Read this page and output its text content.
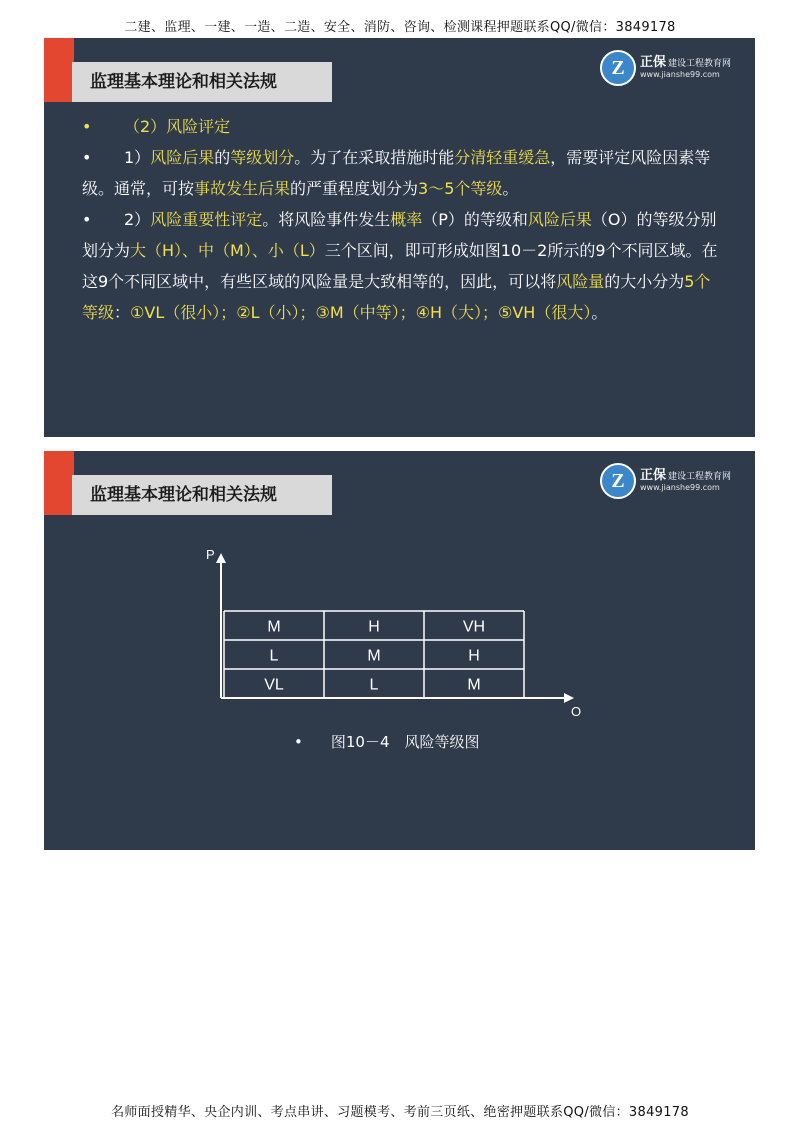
二建、监理、一建、一造、二造、安全、消防、咨询、检测课程押题联系QQ/微信：3849178
监理基本理论和相关法规
Z	正保 建设工程教育网
www.jianshe99.com
• （2）风险评定
• 1）风险后果的等级划分。为了在采取措施时能分清轻重缓急，需要评定风险因素等级。通常，可按事故发生后果的严重程度划分为3～5个等级。
• 2）风险重要性评定。将风险事件发生概率（P）的等级和风险后果（O）的等级分别划分为大（H）、中（M）、小（L）三个区间，即可形成如图10－2所示的9个不同区域。在这9个不同区域中，有些区域的风险量是大致相等的，因此，可以将风险量的大小分为5个等级：①VL（很小）；②L（小）；③M（中等）；④H（大）；⑤VH（很大）。
监理基本理论和相关法规
Z	正保 建设工程教育网
www.jianshe99.com
P
O
M	H	VH
L	M	H
VL	L	M
• 图10－4　风险等级图
名师面授精华、央企内训、考点串讲、习题模考、考前三页纸、绝密押题联系QQ/微信：3849178
